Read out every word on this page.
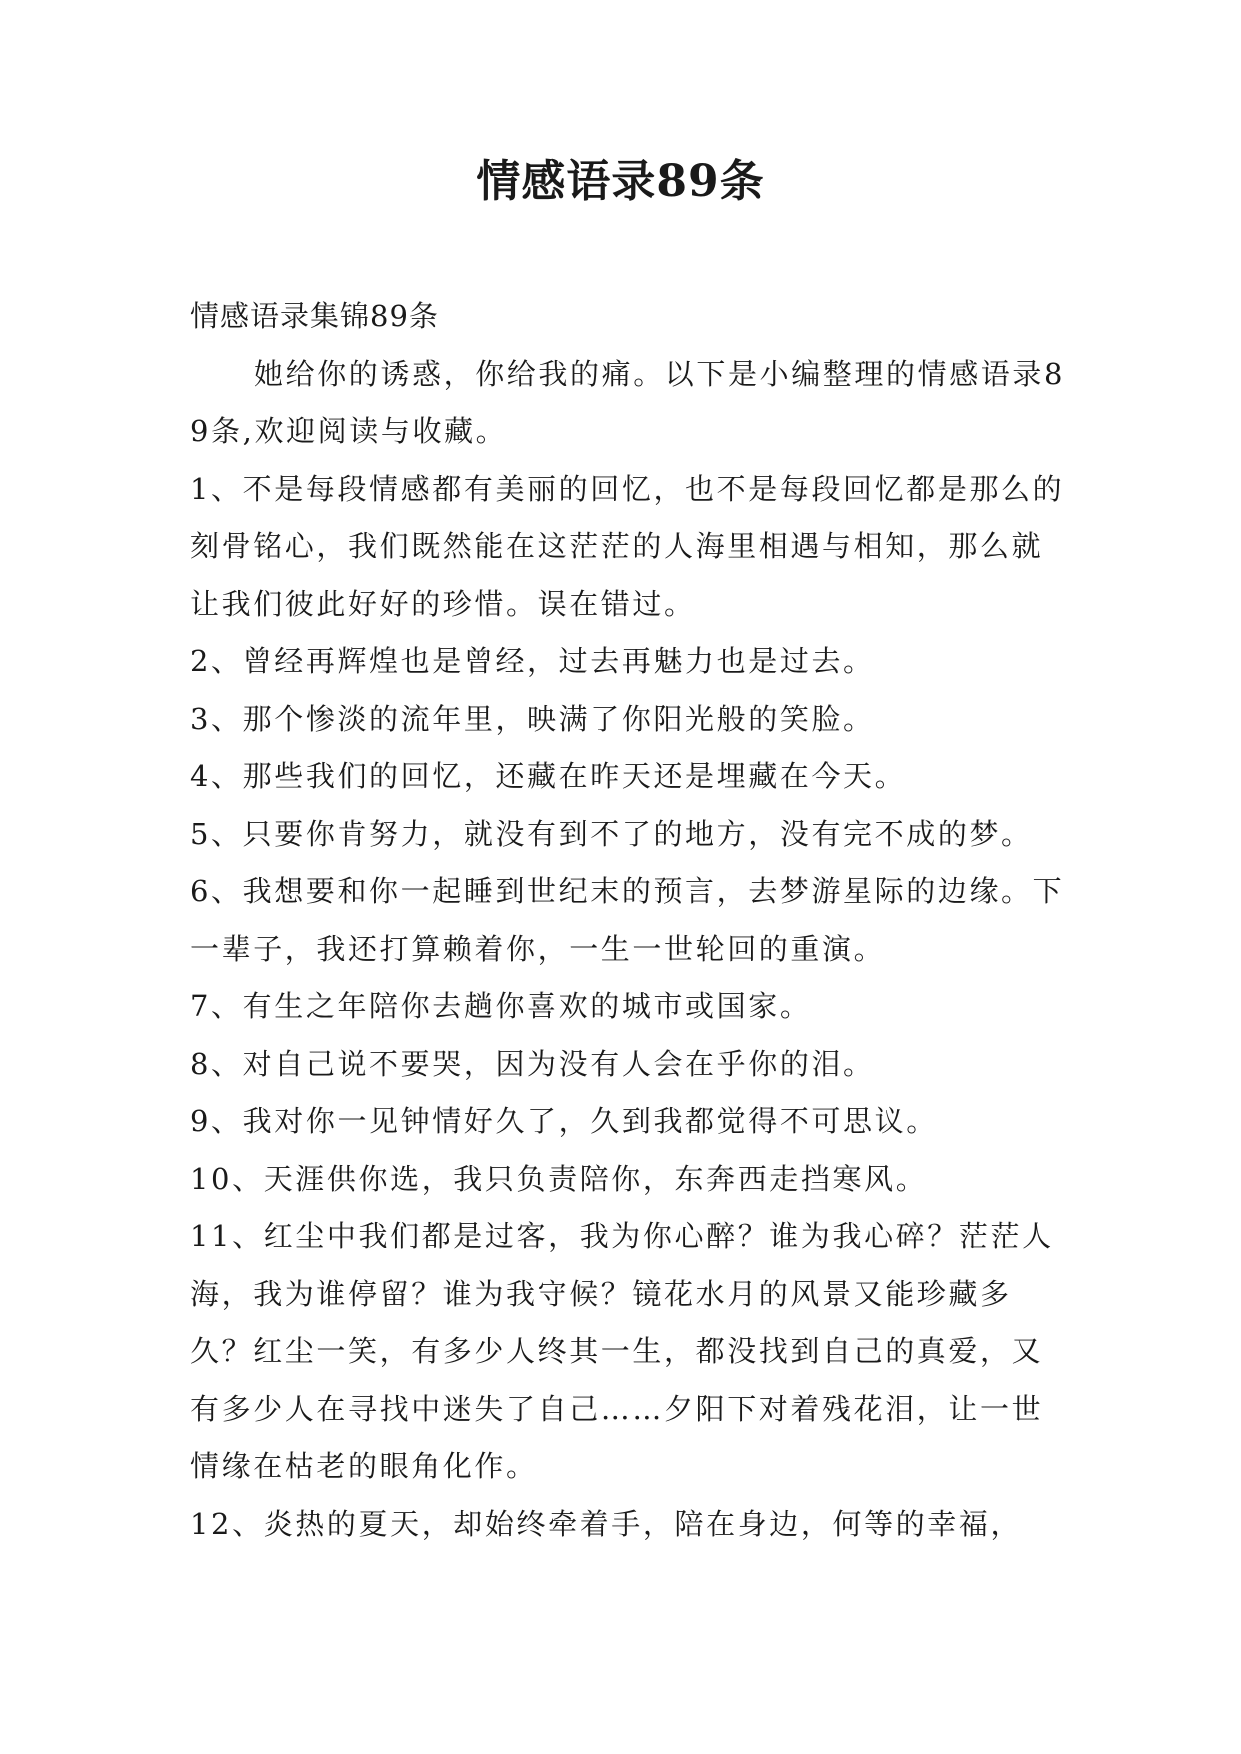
情感语录89条

情感语录集锦89条

她给你的诱惑，你给我的痛。以下是小编整理的情感语录89条,欢迎阅读与收藏。

1、不是每段情感都有美丽的回忆，也不是每段回忆都是那么的刻骨铭心，我们既然能在这茫茫的人海里相遇与相知，那么就让我们彼此好好的珍惜。误在错过。

2、曾经再辉煌也是曾经，过去再魅力也是过去。

3、那个惨淡的流年里，映满了你阳光般的笑脸。

4、那些我们的回忆，还藏在昨天还是埋藏在今天。

5、只要你肯努力，就没有到不了的地方，没有完不成的梦。

6、我想要和你一起睡到世纪末的预言，去梦游星际的边缘。下一辈子，我还打算赖着你，一生一世轮回的重演。

7、有生之年陪你去趟你喜欢的城市或国家。

8、对自己说不要哭，因为没有人会在乎你的泪。

9、我对你一见钟情好久了，久到我都觉得不可思议。

10、天涯供你选，我只负责陪你，东奔西走挡寒风。

11、红尘中我们都是过客，我为你心醉？谁为我心碎？茫茫人海，我为谁停留？谁为我守候？镜花水月的风景又能珍藏多久？红尘一笑，有多少人终其一生，都没找到自己的真爱，又有多少人在寻找中迷失了自己……夕阳下对着残花泪，让一世情缘在枯老的眼角化作。

12、炎热的夏天，却始终牵着手，陪在身边，何等的幸福，
